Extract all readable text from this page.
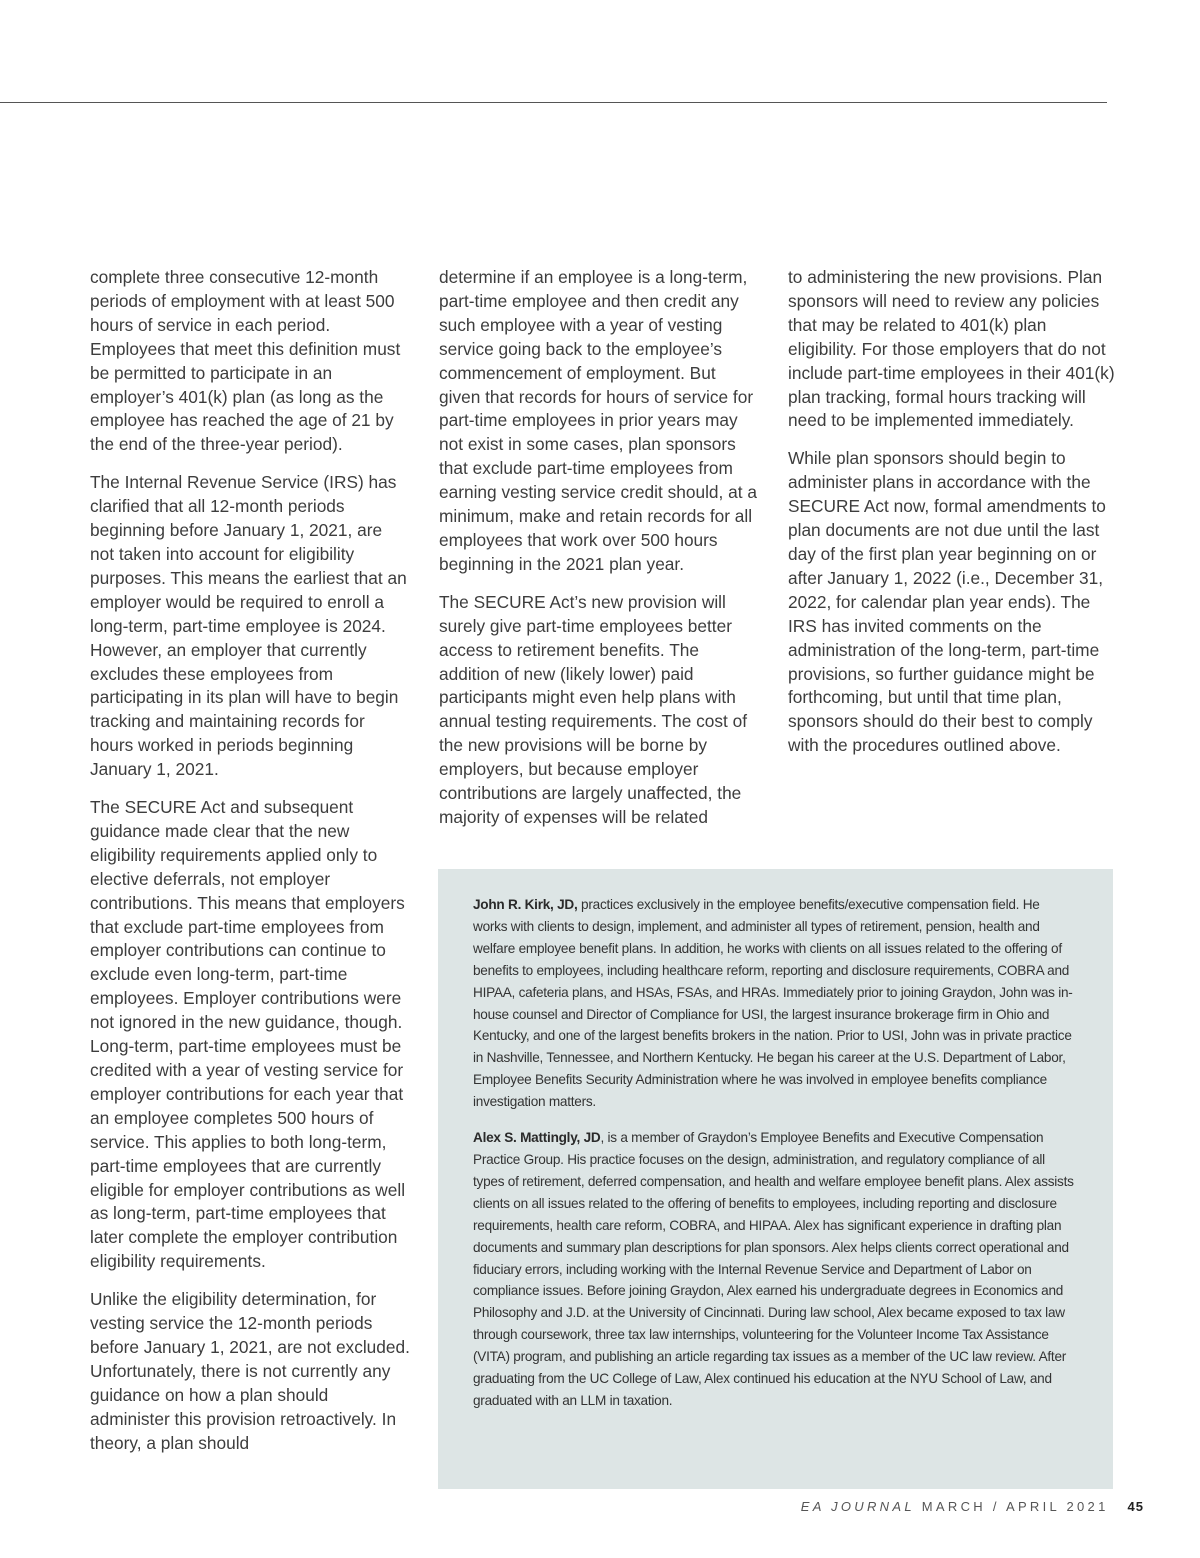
complete three consecutive 12-month periods of employment with at least 500 hours of service in each period. Employees that meet this definition must be permitted to participate in an employer’s 401(k) plan (as long as the employee has reached the age of 21 by the end of the three-year period).

The Internal Revenue Service (IRS) has clarified that all 12-month periods beginning before January 1, 2021, are not taken into account for eligibility purposes. This means the earliest that an employer would be required to enroll a long-term, part-time employee is 2024. However, an employer that currently excludes these employees from participating in its plan will have to begin tracking and maintaining records for hours worked in periods beginning January 1, 2021.

The SECURE Act and subsequent guidance made clear that the new eligibility requirements applied only to elective deferrals, not employer contributions. This means that employers that exclude part-time employees from employer contributions can continue to exclude even long-term, part-time employees. Employer contributions were not ignored in the new guidance, though. Long-term, part-time employees must be credited with a year of vesting service for employer contributions for each year that an employee completes 500 hours of service. This applies to both long-term, part-time employees that are currently eligible for employer contributions as well as long-term, part-time employees that later complete the employer contribution eligibility requirements.

Unlike the eligibility determination, for vesting service the 12-month periods before January 1, 2021, are not excluded. Unfortunately, there is not currently any guidance on how a plan should administer this provision retroactively. In theory, a plan should

determine if an employee is a long-term, part-time employee and then credit any such employee with a year of vesting service going back to the employee’s commencement of employment. But given that records for hours of service for part-time employees in prior years may not exist in some cases, plan sponsors that exclude part-time employees from earning vesting service credit should, at a minimum, make and retain records for all employees that work over 500 hours beginning in the 2021 plan year.

The SECURE Act’s new provision will surely give part-time employees better access to retirement benefits. The addition of new (likely lower) paid participants might even help plans with annual testing requirements. The cost of the new provisions will be borne by employers, but because employer contributions are largely unaffected, the majority of expenses will be related

to administering the new provisions. Plan sponsors will need to review any policies that may be related to 401(k) plan eligibility. For those employers that do not include part-time employees in their 401(k) plan tracking, formal hours tracking will need to be implemented immediately.

While plan sponsors should begin to administer plans in accordance with the SECURE Act now, formal amendments to plan documents are not due until the last day of the first plan year beginning on or after January 1, 2022 (i.e., December 31, 2022, for calendar plan year ends). The IRS has invited comments on the administration of the long-term, part-time provisions, so further guidance might be forthcoming, but until that time plan, sponsors should do their best to comply with the procedures outlined above.

John R. Kirk, JD, practices exclusively in the employee benefits/executive compensation field. He works with clients to design, implement, and administer all types of retirement, pension, health and welfare employee benefit plans. In addition, he works with clients on all issues related to the offering of benefits to employees, including healthcare reform, reporting and disclosure requirements, COBRA and HIPAA, cafeteria plans, and HSAs, FSAs, and HRAs. Immediately prior to joining Graydon, John was in-house counsel and Director of Compliance for USI, the largest insurance brokerage firm in Ohio and Kentucky, and one of the largest benefits brokers in the nation. Prior to USI, John was in private practice in Nashville, Tennessee, and Northern Kentucky. He began his career at the U.S. Department of Labor, Employee Benefits Security Administration where he was involved in employee benefits compliance investigation matters.

Alex S. Mattingly, JD, is a member of Graydon’s Employee Benefits and Executive Compensation Practice Group. His practice focuses on the design, administration, and regulatory compliance of all types of retirement, deferred compensation, and health and welfare employee benefit plans. Alex assists clients on all issues related to the offering of benefits to employees, including reporting and disclosure requirements, health care reform, COBRA, and HIPAA. Alex has significant experience in drafting plan documents and summary plan descriptions for plan sponsors. Alex helps clients correct operational and fiduciary errors, including working with the Internal Revenue Service and Department of Labor on compliance issues. Before joining Graydon, Alex earned his undergraduate degrees in Economics and Philosophy and J.D. at the University of Cincinnati. During law school, Alex became exposed to tax law through coursework, three tax law internships, volunteering for the Volunteer Income Tax Assistance (VITA) program, and publishing an article regarding tax issues as a member of the UC law review. After graduating from the UC College of Law, Alex continued his education at the NYU School of Law, and graduated with an LLM in taxation.

EA JOURNAL MARCH / APRIL 2021 45
